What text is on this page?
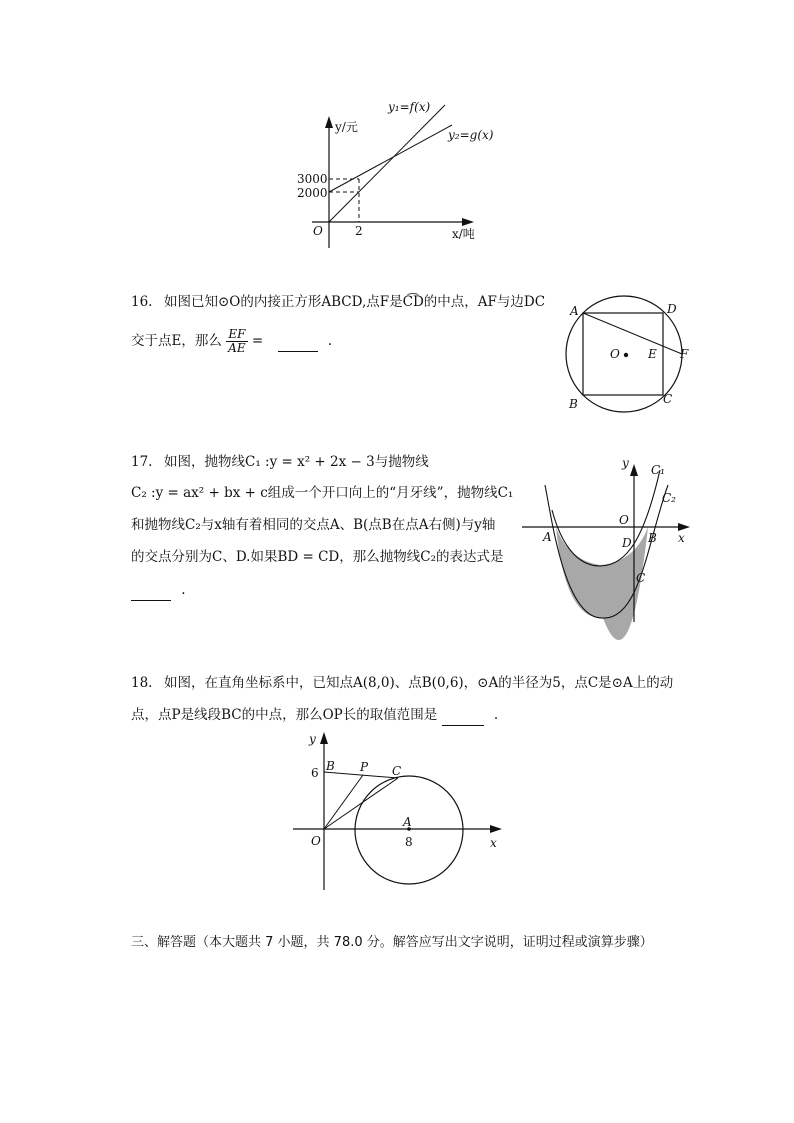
y/元
x/吨
O
3000
2000
2
y₁=f(x)
y₂=g(x)
16. 如图已知⊙O的内接正方形ABCD,点F是C͡D的中点，AF与边DC
交于点E，那么 $\frac{EF}{AE}$ =	.
A	D
B	C
O E F
17. 如图，抛物线C₁ :y = x² + 2x − 3与抛物线
C₂ :y = ax² + bx + c组成一个开口向上的“月牙线”，抛物线C₁
和抛物线C₂与x轴有着相同的交点A、B(点B在点A右侧)与y轴
的交点分别为C、D.如果BD = CD，那么抛物线C₂的表达式是
.
y
x
O
A	B
D
C
C₁
C₂
18. 如图，在直角坐标系中，已知点A(8,0)、点B(0,6)，⊙A的半径为5，点C是⊙A上的动
点，点P是线段BC的中点，那么OP长的取值范围是	.
y
x
O
B P C
A
6
8
三、解答题（本大题共 7 小题，共 78.0 分。解答应写出文字说明，证明过程或演算步骤）
